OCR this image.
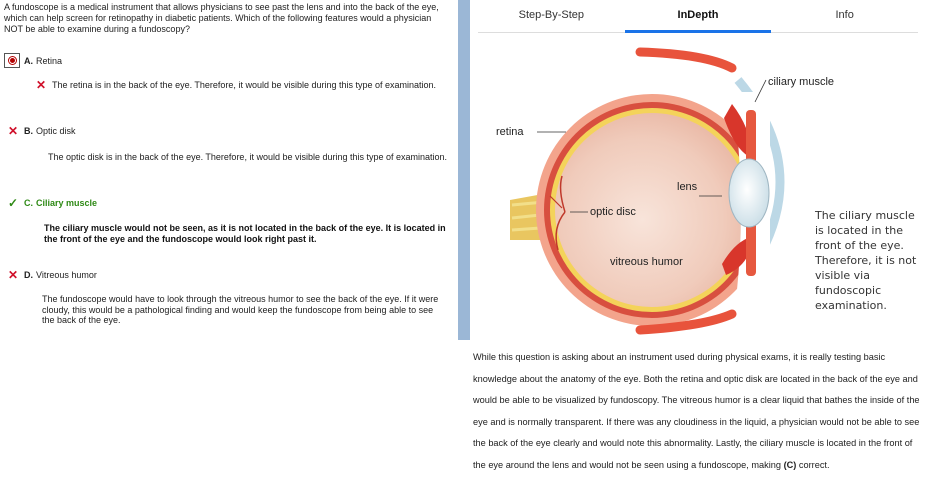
A fundoscope is a medical instrument that allows physicians to see past the lens and into the back of the eye, which can help screen for retinopathy in diabetic patients. Which of the following features would a physician NOT be able to examine during a fundoscopy?
A. Retina
✕ The retina is in the back of the eye. Therefore, it would be visible during this type of examination.
✕ B. Optic disk
The optic disk is in the back of the eye. Therefore, it would be visible during this type of examination.
✓ C. Ciliary muscle
The ciliary muscle would not be seen, as it is not located in the back of the eye. It is located in the front of the eye and the fundoscope would look right past it.
✕ D. Vitreous humor
The fundoscope would have to look through the vitreous humor to see the back of the eye. If it were cloudy, this would be a pathological finding and would keep the fundoscope from being able to see the back of the eye.
Step-By-Step	InDepth	Info
retina
ciliary muscle
lens
optic disc
vitreous humor
The ciliary muscle is located in the front of the eye. Therefore, it is not visible via fundoscopic examination.
While this question is asking about an instrument used during physical exams, it is really testing basic knowledge about the anatomy of the eye. Both the retina and optic disk are located in the back of the eye and would be able to be visualized by fundoscopy. The vitreous humor is a clear liquid that bathes the inside of the eye and is normally transparent. If there was any cloudiness in the liquid, a physician would not be able to see the back of the eye clearly and would note this abnormality. Lastly, the ciliary muscle is located in the front of the eye around the lens and would not be seen using a fundoscope, making (C) correct.
